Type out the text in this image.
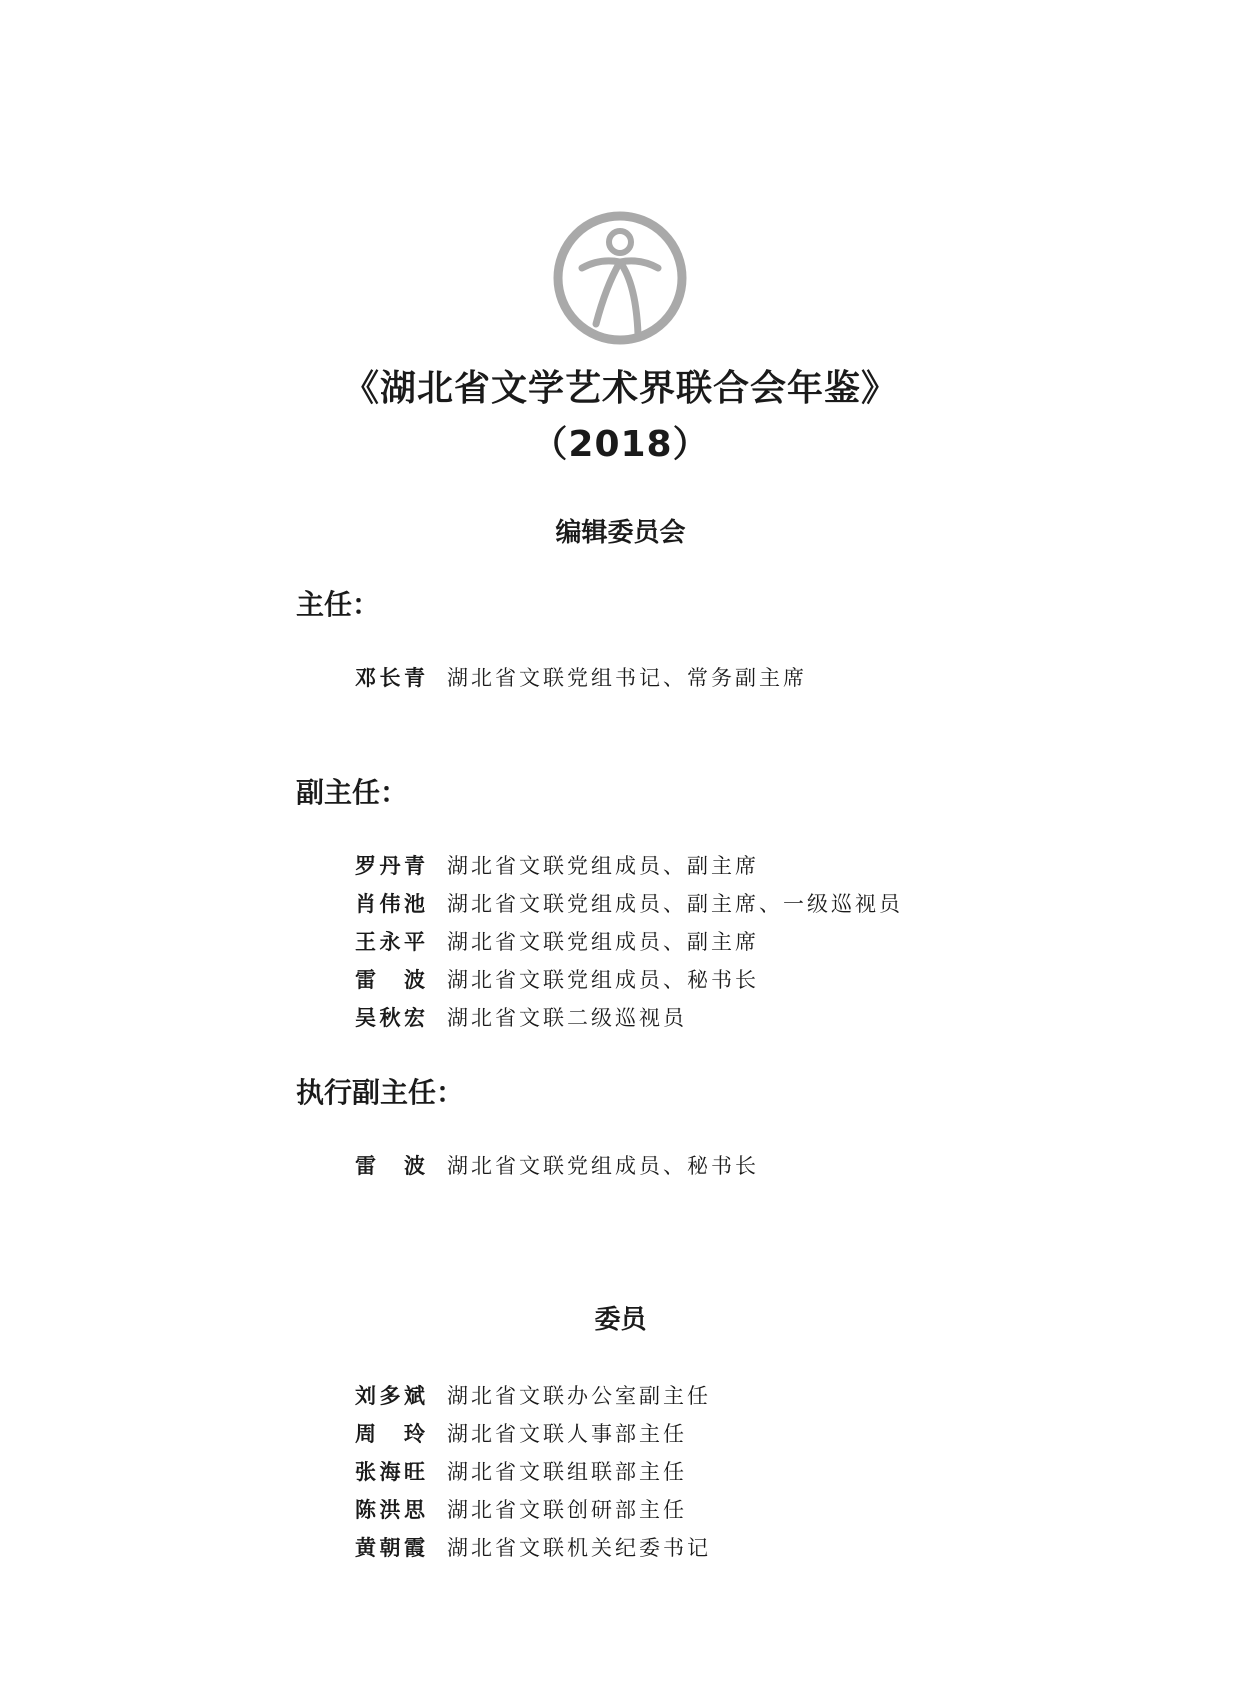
《湖北省文学艺术界联合会年鉴》
（2018）
编辑委员会
主任：
邓长青 湖北省文联党组书记、常务副主席
副主任：
罗丹青 湖北省文联党组成员、副主席
肖伟池 湖北省文联党组成员、副主席、一级巡视员
王永平 湖北省文联党组成员、副主席
雷 波 湖北省文联党组成员、秘书长
吴秋宏 湖北省文联二级巡视员
执行副主任：
雷 波 湖北省文联党组成员、秘书长
委员
刘多斌 湖北省文联办公室副主任
周 玲 湖北省文联人事部主任
张海旺 湖北省文联组联部主任
陈洪思 湖北省文联创研部主任
黄朝霞 湖北省文联机关纪委书记
